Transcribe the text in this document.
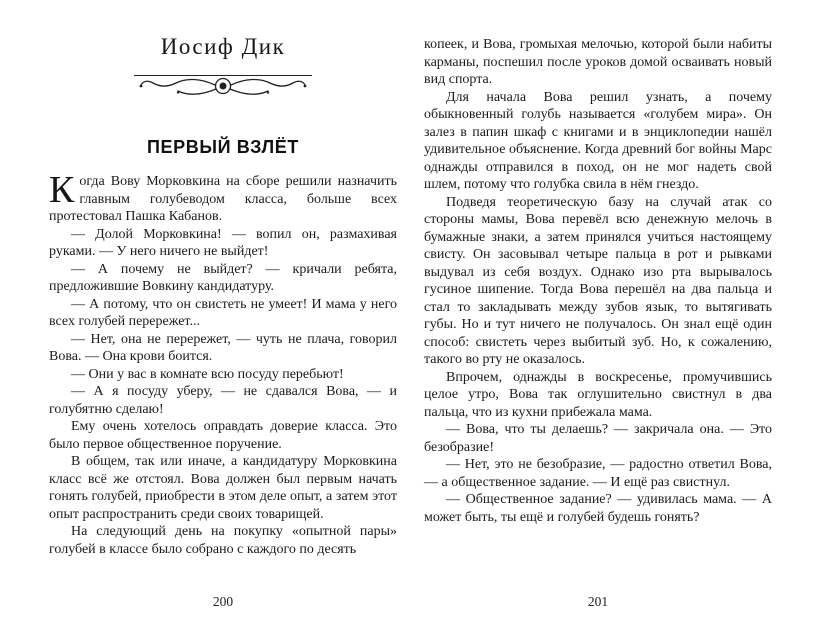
Иосиф Дик
ПЕРВЫЙ ВЗЛЁТ

Когда Вову Морковкина на сборе решили назначить главным голубеводом класса, больше всех протестовал Пашка Кабанов.

— Долой Морковкина! — вопил он, размахивая руками. — У него ничего не выйдет!

— А почему не выйдет? — кричали ребята, предложившие Вовкину кандидатуру.

— А потому, что он свистеть не умеет! И мама у него всех голубей перережет...

— Нет, она не перережет, — чуть не плача, говорил Вова. — Она крови боится.

— Они у вас в комнате всю посуду перебьют!

— А я посуду уберу, — не сдавался Вова, — и голубятню сделаю!

Ему очень хотелось оправдать доверие класса. Это было первое общественное поручение.

В общем, так или иначе, а кандидатуру Морковкина класс всё же отстоял. Вова должен был первым начать гонять голубей, приобрести в этом деле опыт, а затем этот опыт распространить среди своих товарищей.

На следующий день на покупку «опытной пары» голубей в классе было собрано с каждого по десять

200

копеек, и Вова, громыхая мелочью, которой были набиты карманы, поспешил после уроков домой осваивать новый вид спорта.

Для начала Вова решил узнать, а почему обыкновенный голубь называется «голубем мира». Он залез в папин шкаф с книгами и в энциклопедии нашёл удивительное объяснение. Когда древний бог войны Марс однажды отправился в поход, он не мог надеть свой шлем, потому что голубка свила в нём гнездо.

Подведя теоретическую базу на случай атак со стороны мамы, Вова перевёл всю денежную мелочь в бумажные знаки, а затем принялся учиться настоящему свисту. Он засовывал четыре пальца в рот и рывками выдувал из себя воздух. Однако изо рта вырывалось гусиное шипение. Тогда Вова перешёл на два пальца и стал то закладывать между зубов язык, то вытягивать губы. Но и тут ничего не получалось. Он знал ещё один способ: свистеть через выбитый зуб. Но, к сожалению, такого во рту не оказалось.

Впрочем, однажды в воскресенье, промучившись целое утро, Вова так оглушительно свистнул в два пальца, что из кухни прибежала мама.

— Вова, что ты делаешь? — закричала она. — Это безобразие!

— Нет, это не безобразие, — радостно ответил Вова, — а общественное задание. — И ещё раз свистнул.

— Общественное задание? — удивилась мама. — А может быть, ты ещё и голубей будешь гонять?

201
